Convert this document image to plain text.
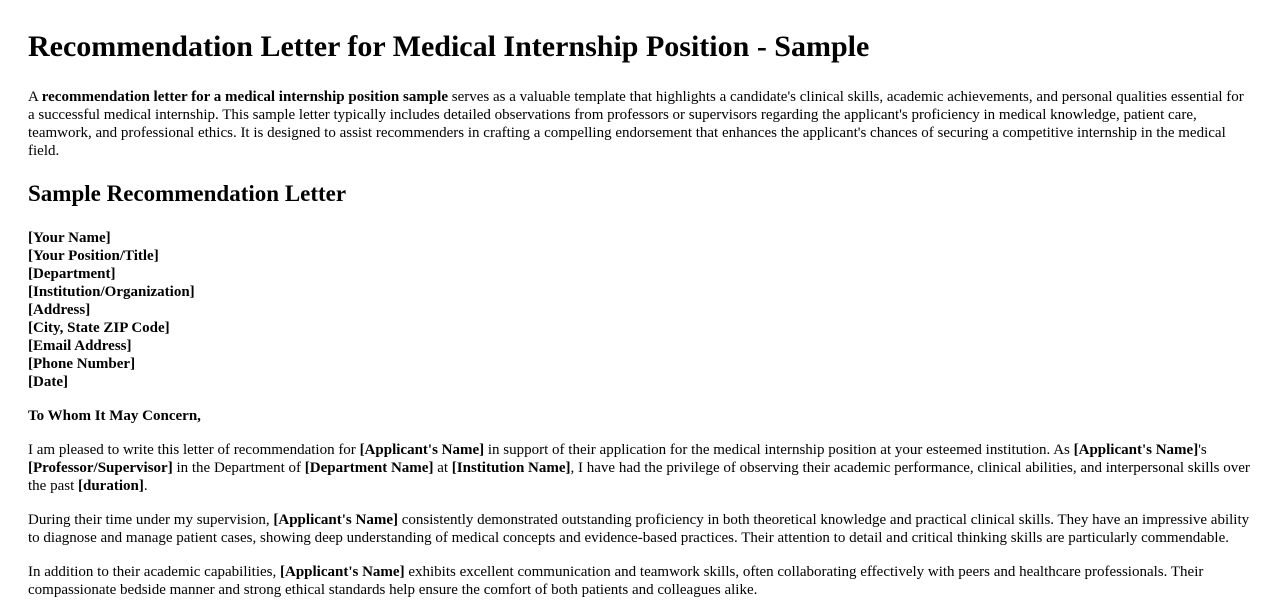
Recommendation Letter for Medical Internship Position - Sample

A recommendation letter for a medical internship position sample serves as a valuable template that highlights a candidate's clinical skills, academic achievements, and personal qualities essential for a successful medical internship. This sample letter typically includes detailed observations from professors or supervisors regarding the applicant's proficiency in medical knowledge, patient care, teamwork, and professional ethics. It is designed to assist recommenders in crafting a compelling endorsement that enhances the applicant's chances of securing a competitive internship in the medical field.

Sample Recommendation Letter
[Your Name]
[Your Position/Title]
[Department]
[Institution/Organization]
[Address]
[City, State ZIP Code]
[Email Address]
[Phone Number]
[Date]

To Whom It May Concern,

I am pleased to write this letter of recommendation for [Applicant's Name] in support of their application for the medical internship position at your esteemed institution. As [Applicant's Name]'s [Professor/Supervisor] in the Department of [Department Name] at [Institution Name], I have had the privilege of observing their academic performance, clinical abilities, and interpersonal skills over the past [duration].

During their time under my supervision, [Applicant's Name] consistently demonstrated outstanding proficiency in both theoretical knowledge and practical clinical skills. They have an impressive ability to diagnose and manage patient cases, showing deep understanding of medical concepts and evidence-based practices. Their attention to detail and critical thinking skills are particularly commendable.

In addition to their academic capabilities, [Applicant's Name] exhibits excellent communication and teamwork skills, often collaborating effectively with peers and healthcare professionals. Their compassionate bedside manner and strong ethical standards help ensure the comfort of both patients and colleagues alike.
